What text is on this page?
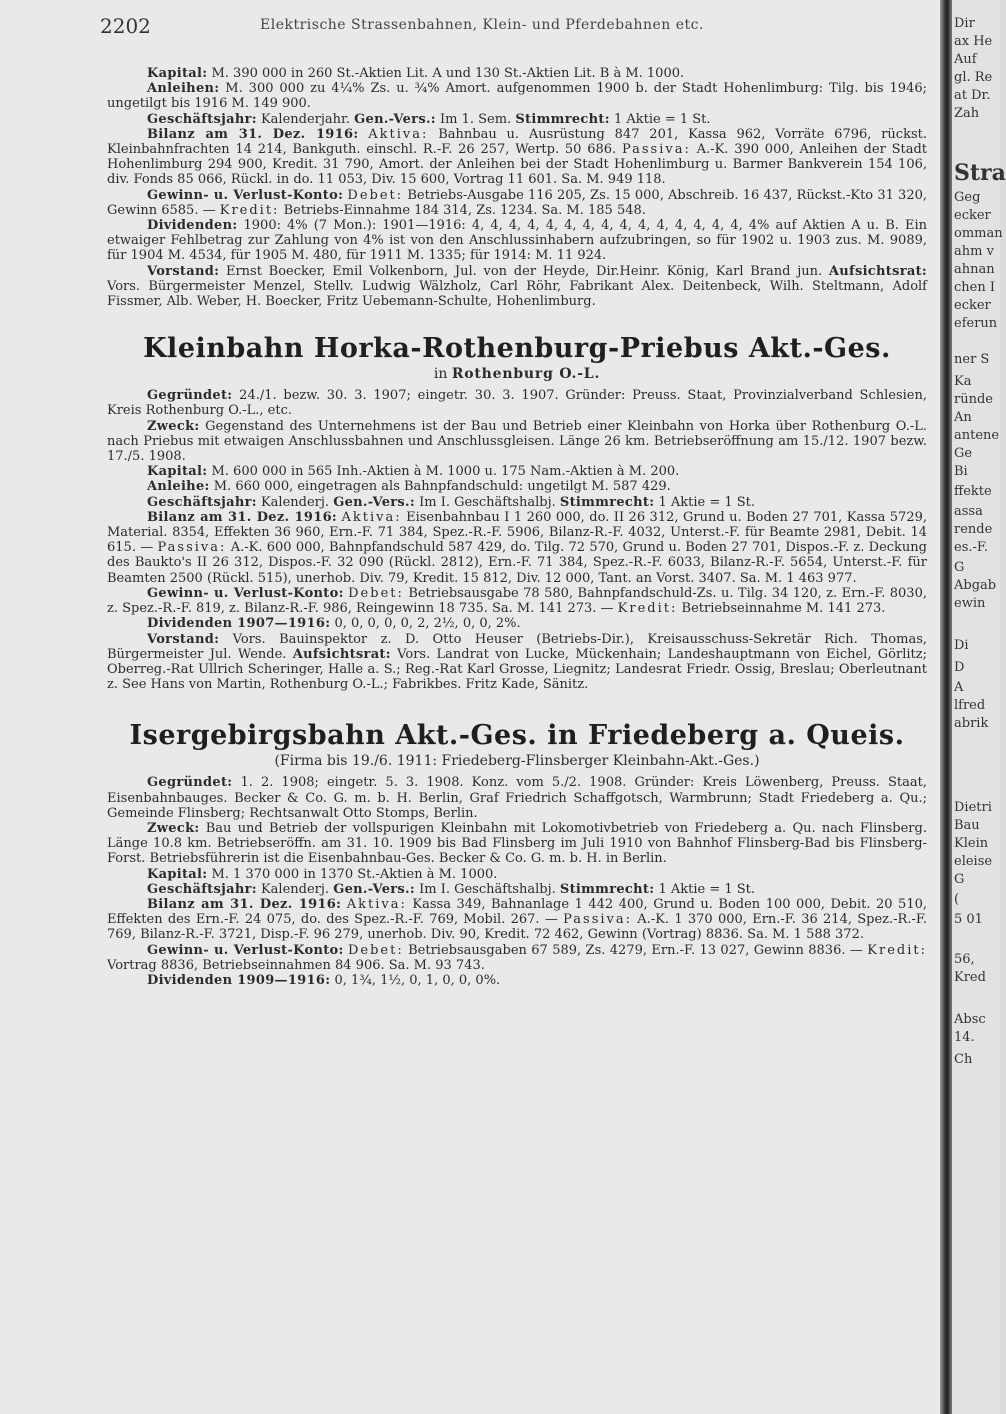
2202	Elektrische Strassenbahnen, Klein- und Pferdebahnen etc.

Kapital: M. 390 000 in 260 St.-Aktien Lit. A und 130 St.-Aktien Lit. B à M. 1000.

Anleihen: M. 300 000 zu 4¼% Zs. u. ¾% Amort. aufgenommen 1900 b. der Stadt Hohenlimburg: Tilg. bis 1946; ungetilgt bis 1916 M. 149 900.

Geschäftsjahr: Kalenderjahr. Gen.-Vers.: Im 1. Sem. Stimmrecht: 1 Aktie = 1 St.

Bilanz am 31. Dez. 1916: Aktiva: Bahnbau u. Ausrüstung 847 201, Kassa 962, Vorräte 6796, rückst. Kleinbahnfrachten 14 214, Bankguth. einschl. R.-F. 26 257, Wertp. 50 686. Passiva: A.-K. 390 000, Anleihen der Stadt Hohenlimburg 294 900, Kredit. 31 790, Amort. der Anleihen bei der Stadt Hohenlimburg u. Barmer Bankverein 154 106, div. Fonds 85 066, Rückl. in do. 11 053, Div. 15 600, Vortrag 11 601. Sa. M. 949 118.

Gewinn- u. Verlust-Konto: Debet: Betriebs-Ausgabe 116 205, Zs. 15 000, Abschreib. 16 437, Rückst.-Kto 31 320, Gewinn 6585. — Kredit: Betriebs-Einnahme 184 314, Zs. 1234. Sa. M. 185 548.

Dividenden: 1900: 4% (7 Mon.): 1901—1916: 4, 4, 4, 4, 4, 4, 4, 4, 4, 4, 4, 4, 4, 4, 4, 4% auf Aktien A u. B. Ein etwaiger Fehlbetrag zur Zahlung von 4% ist von den Anschlussinhabern aufzubringen, so für 1902 u. 1903 zus. M. 9089, für 1904 M. 4534, für 1905 M. 480, für 1911 M. 1335; für 1914: M. 11 924.

Vorstand: Ernst Boecker, Emil Volkenborn, Jul. von der Heyde, Dir.Heinr. König, Karl Brand jun. Aufsichtsrat: Vors. Bürgermeister Menzel, Stellv. Ludwig Wälzholz, Carl Röhr, Fabrikant Alex. Deitenbeck, Wilh. Steltmann, Adolf Fissmer, Alb. Weber, H. Boecker, Fritz Uebemann-Schulte, Hohenlimburg.

Kleinbahn Horka-Rothenburg-Priebus Akt.-Ges.
in Rothenburg O.-L.

Gegründet: 24./1. bezw. 30. 3. 1907; eingetr. 30. 3. 1907. Gründer: Preuss. Staat, Provinzialverband Schlesien, Kreis Rothenburg O.-L., etc.

Zweck: Gegenstand des Unternehmens ist der Bau und Betrieb einer Kleinbahn von Horka über Rothenburg O.-L. nach Priebus mit etwaigen Anschlussbahnen und Anschlussgleisen. Länge 26 km. Betriebseröffnung am 15./12. 1907 bezw. 17./5. 1908.

Kapital: M. 600 000 in 565 Inh.-Aktien à M. 1000 u. 175 Nam.-Aktien à M. 200.

Anleihe: M. 660 000, eingetragen als Bahnpfandschuld: ungetilgt M. 587 429.

Geschäftsjahr: Kalenderj. Gen.-Vers.: Im I. Geschäftshalbj. Stimmrecht: 1 Aktie = 1 St.

Bilanz am 31. Dez. 1916: Aktiva: Eisenbahnbau I 1 260 000, do. II 26 312, Grund u. Boden 27 701, Kassa 5729, Material. 8354, Effekten 36 960, Ern.-F. 71 384, Spez.-R.-F. 5906, Bilanz-R.-F. 4032, Unterst.-F. für Beamte 2981, Debit. 14 615. — Passiva: A.-K. 600 000, Bahnpfandschuld 587 429, do. Tilg. 72 570, Grund u. Boden 27 701, Dispos.-F. z. Deckung des Baukto's II 26 312, Dispos.-F. 32 090 (Rückl. 2812), Ern.-F. 71 384, Spez.-R.-F. 6033, Bilanz-R.-F. 5654, Unterst.-F. für Beamten 2500 (Rückl. 515), unerhob. Div. 79, Kredit. 15 812, Div. 12 000, Tant. an Vorst. 3407. Sa. M. 1 463 977.

Gewinn- u. Verlust-Konto: Debet: Betriebsausgabe 78 580, Bahnpfandschuld-Zs. u. Tilg. 34 120, z. Ern.-F. 8030, z. Spez.-R.-F. 819, z. Bilanz-R.-F. 986, Reingewinn 18 735. Sa. M. 141 273. — Kredit: Betriebseinnahme M. 141 273.

Dividenden 1907—1916: 0, 0, 0, 0, 0, 2, 2½, 0, 0, 2%.

Vorstand: Vors. Bauinspektor z. D. Otto Heuser (Betriebs-Dir.), Kreisausschuss-Sekretär Rich. Thomas, Bürgermeister Jul. Wende. Aufsichtsrat: Vors. Landrat von Lucke, Mückenhain; Landeshauptmann von Eichel, Görlitz; Oberreg.-Rat Ullrich Scheringer, Halle a. S.; Reg.-Rat Karl Grosse, Liegnitz; Landesrat Friedr. Ossig, Breslau; Oberleutnant z. See Hans von Martin, Rothenburg O.-L.; Fabrikbes. Fritz Kade, Sänitz.

Isergebirgsbahn Akt.-Ges. in Friedeberg a. Queis.
(Firma bis 19./6. 1911: Friedeberg-Flinsberger Kleinbahn-Akt.-Ges.)

Gegründet: 1. 2. 1908; eingetr. 5. 3. 1908. Konz. vom 5./2. 1908. Gründer: Kreis Löwenberg, Preuss. Staat, Eisenbahnbauges. Becker & Co. G. m. b. H. Berlin, Graf Friedrich Schaffgotsch, Warmbrunn; Stadt Friedeberg a. Qu.; Gemeinde Flinsberg; Rechtsanwalt Otto Stomps, Berlin.

Zweck: Bau und Betrieb der vollspurigen Kleinbahn mit Lokomotivbetrieb von Friedeberg a. Qu. nach Flinsberg. Länge 10.8 km. Betriebseröffn. am 31. 10. 1909 bis Bad Flinsberg im Juli 1910 von Bahnhof Flinsberg-Bad bis Flinsberg-Forst. Betriebsführerin ist die Eisenbahnbau-Ges. Becker & Co. G. m. b. H. in Berlin.

Kapital: M. 1 370 000 in 1370 St.-Aktien à M. 1000.

Geschäftsjahr: Kalenderj. Gen.-Vers.: Im I. Geschäftshalbj. Stimmrecht: 1 Aktie = 1 St.

Bilanz am 31. Dez. 1916: Aktiva: Kassa 349, Bahnanlage 1 442 400, Grund u. Boden 100 000, Debit. 20 510, Effekten des Ern.-F. 24 075, do. des Spez.-R.-F. 769, Mobil. 267. — Passiva: A.-K. 1 370 000, Ern.-F. 36 214, Spez.-R.-F. 769, Bilanz-R.-F. 3721, Disp.-F. 96 279, unerhob. Div. 90, Kredit. 72 462, Gewinn (Vortrag) 8836. Sa. M. 1 588 372.

Gewinn- u. Verlust-Konto: Debet: Betriebsausgaben 67 589, Zs. 4279, Ern.-F. 13 027, Gewinn 8836. — Kredit: Vortrag 8836, Betriebseinnahmen 84 906. Sa. M. 93 743.

Dividenden 1909—1916: 0, 1¾, 1½, 0, 1, 0, 0, 0%.

Dir
ax He
Auf
gl. Re
at Dr.
Zah
Stra
Geg
ecker
omman
ahm v
ahnan
chen I
ecker
eferun
ner S
Ka
ründe
An
antene
Ge
Bi
ffekte
assa
rende
es.-F.
G
Abgab
ewin
Di
D
A
lfred
abrik
Dietri
Bau
Klein
eleise
G
(
5 01
56,
Kred
Absc
14.
Ch
